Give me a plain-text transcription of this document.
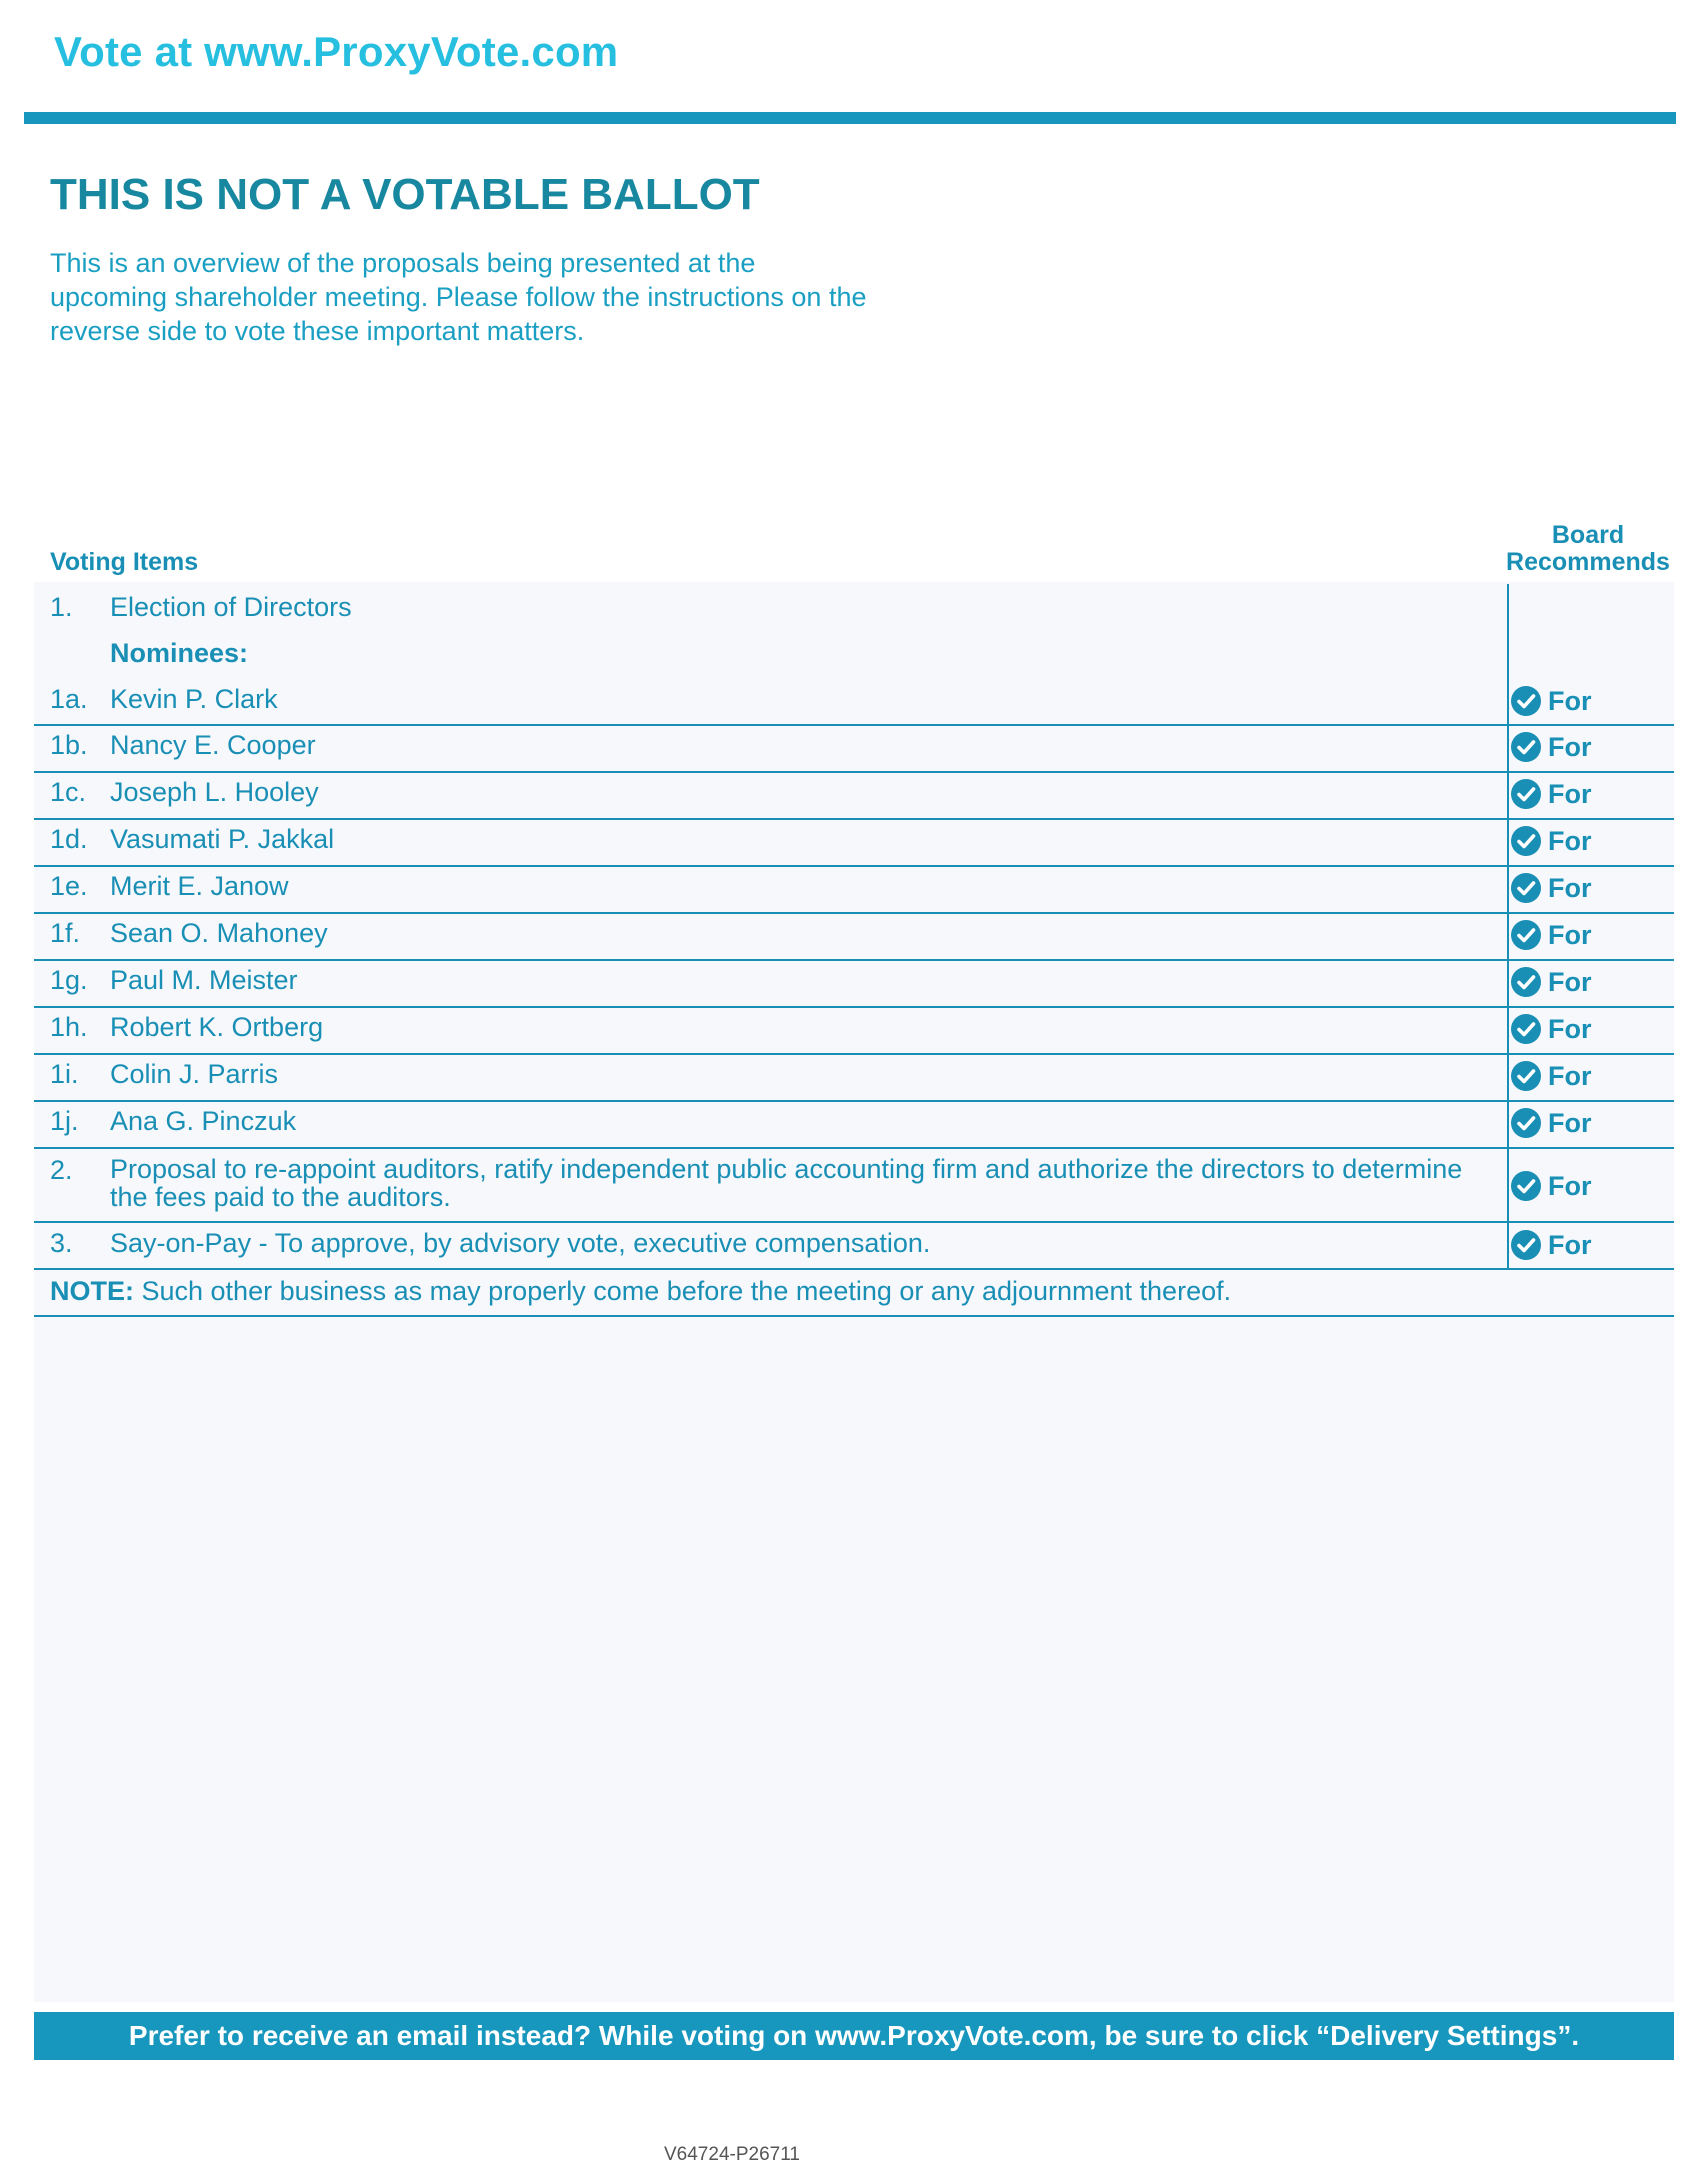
Vote at www.ProxyVote.com
THIS IS NOT A VOTABLE BALLOT
This is an overview of the proposals being presented at the upcoming shareholder meeting. Please follow the instructions on the reverse side to vote these important matters.
Voting Items
Board
Recommends
1. Election of Directors
Nominees:
1a. Kevin P. Clark	For
1b. Nancy E. Cooper	For
1c. Joseph L. Hooley	For
1d. Vasumati P. Jakkal	For
1e. Merit E. Janow	For
1f. Sean O. Mahoney	For
1g. Paul M. Meister	For
1h. Robert K. Ortberg	For
1i. Colin J. Parris	For
1j. Ana G. Pinczuk	For
2. Proposal to re-appoint auditors, ratify independent public accounting firm and authorize the directors to determine the fees paid to the auditors.	For
3. Say-on-Pay - To approve, by advisory vote, executive compensation.	For
NOTE: Such other business as may properly come before the meeting or any adjournment thereof.
Prefer to receive an email instead? While voting on www.ProxyVote.com, be sure to click “Delivery Settings”.
V64724-P26711
